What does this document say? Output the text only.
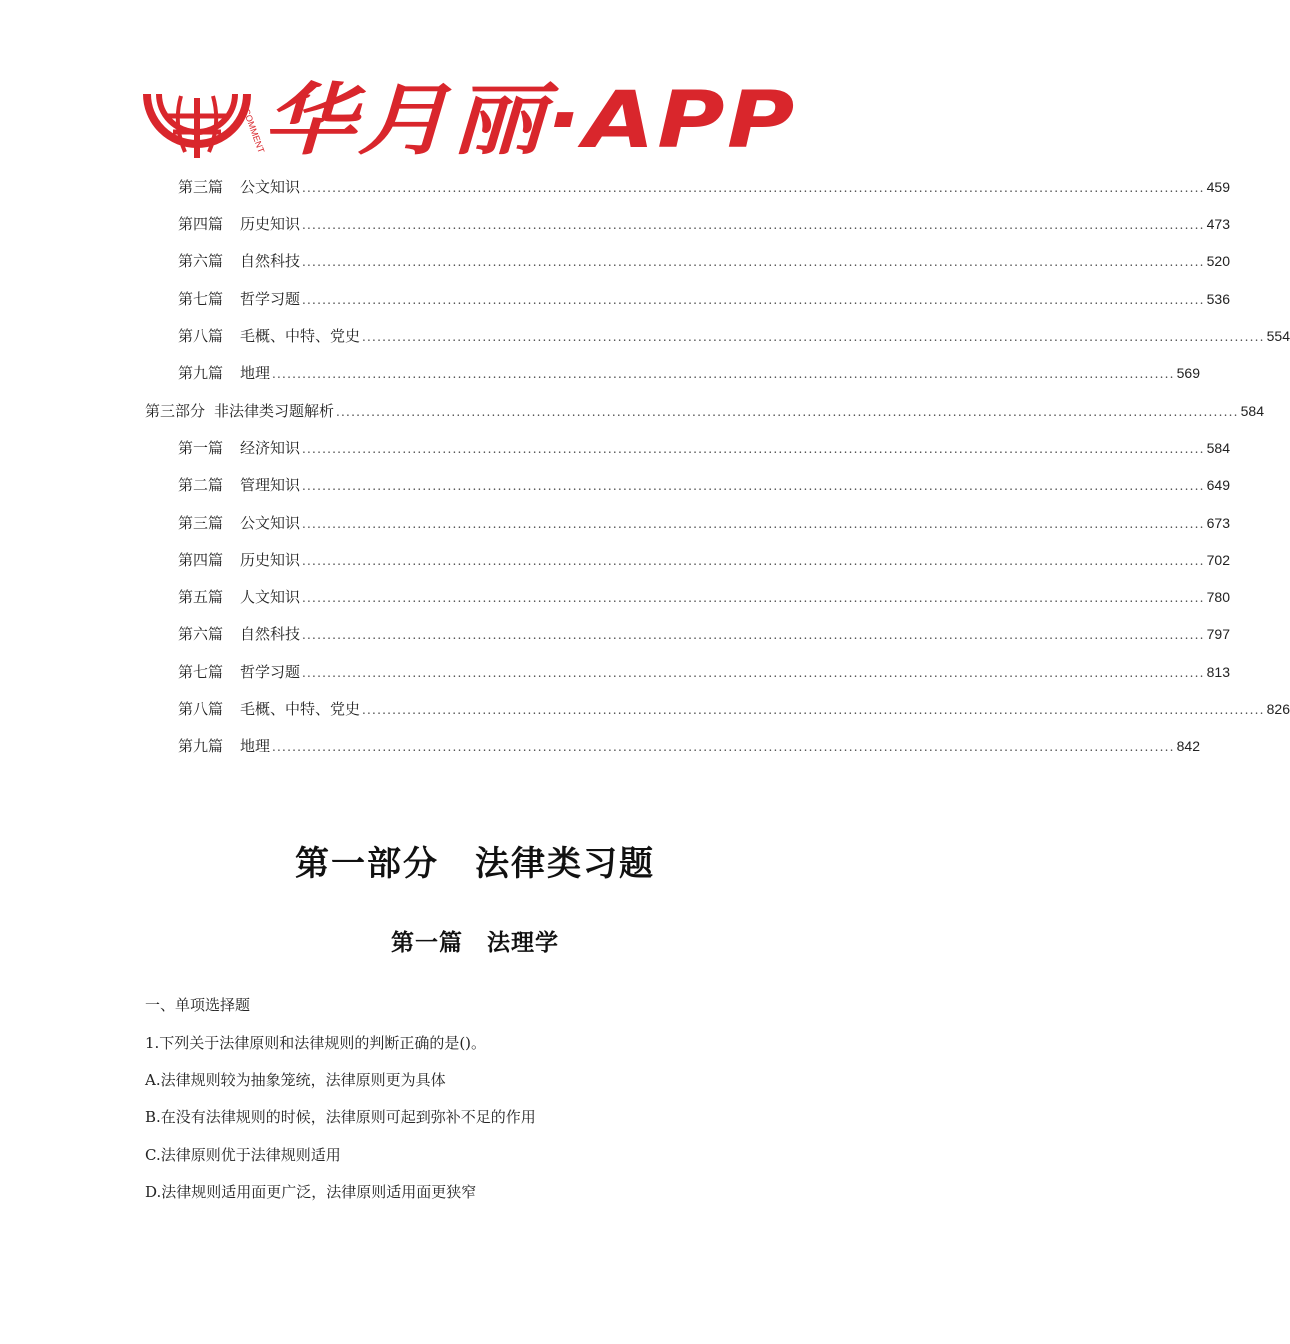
COMMENT
华月丽·APP
第三篇 公文知识 .................................................................................................................................................................................... 459
第四篇 历史知识 .................................................................................................................................................................................... 473
第六篇 自然科技 .................................................................................................................................................................................... 520
第七篇 哲学习题 .................................................................................................................................................................................... 536
第八篇 毛概、中特、党史 .................................................................................................................................................................................... 554
第九篇 地理 .................................................................................................................................................................................... 569
第三部分 非法律类习题解析 .................................................................................................................................................................................... 584
第一篇 经济知识 .................................................................................................................................................................................... 584
第二篇 管理知识 .................................................................................................................................................................................... 649
第三篇 公文知识 .................................................................................................................................................................................... 673
第四篇 历史知识 .................................................................................................................................................................................... 702
第五篇 人文知识 .................................................................................................................................................................................... 780
第六篇 自然科技 .................................................................................................................................................................................... 797
第七篇 哲学习题 .................................................................................................................................................................................... 813
第八篇 毛概、中特、党史 .................................................................................................................................................................................... 826
第九篇 地理 .................................................................................................................................................................................... 842
第一部分　法律类习题
第一篇　法理学
一、单项选择题
1.下列关于法律原则和法律规则的判断正确的是()。
A.法律规则较为抽象笼统，法律原则更为具体
B.在没有法律规则的时候，法律原则可起到弥补不足的作用
C.法律原则优于法律规则适用
D.法律规则适用面更广泛，法律原则适用面更狭窄
